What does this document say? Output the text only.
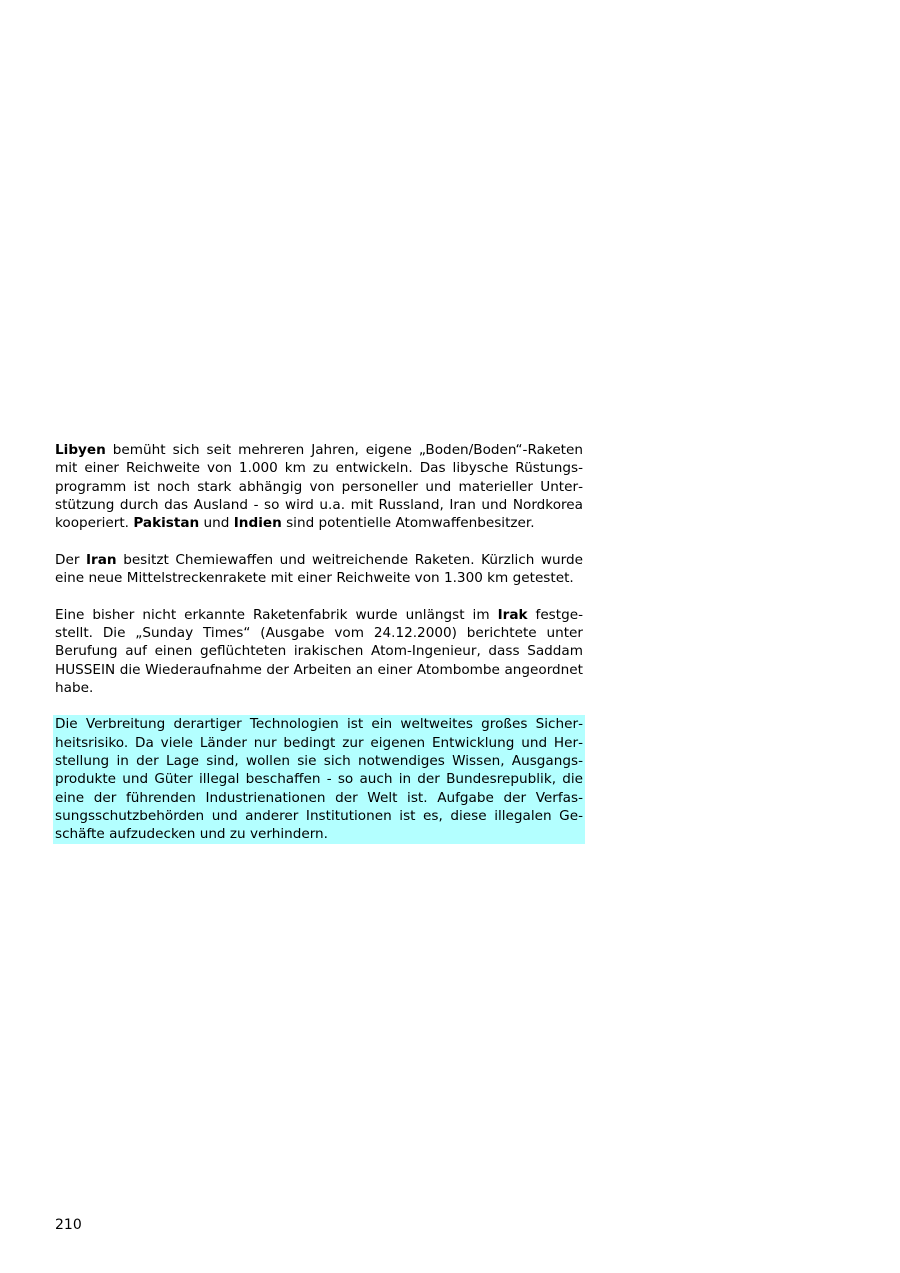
Libyen bemüht sich seit mehreren Jahren, eigene „Boden/Boden“-Raketen mit einer Reichweite von 1.000 km zu entwickeln. Das libysche Rüstungsprogramm ist noch stark abhängig von personeller und materieller Unterstützung durch das Ausland - so wird u.a. mit Russland, Iran und Nordkorea kooperiert. Pakistan und Indien sind potentielle Atomwaffenbesitzer.

Der Iran besitzt Chemiewaffen und weitreichende Raketen. Kürzlich wurde eine neue Mittelstreckenrakete mit einer Reichweite von 1.300 km getestet.

Eine bisher nicht erkannte Raketenfabrik wurde unlängst im Irak festgestellt. Die „Sunday Times“ (Ausgabe vom 24.12.2000) berichtete unter Berufung auf einen geflüchteten irakischen Atom-Ingenieur, dass Saddam HUSSEIN die Wiederaufnahme der Arbeiten an einer Atombombe angeordnet habe.

Die Verbreitung derartiger Technologien ist ein weltweites großes Sicherheitsrisiko. Da viele Länder nur bedingt zur eigenen Entwicklung und Herstellung in der Lage sind, wollen sie sich notwendiges Wissen, Ausgangsprodukte und Güter illegal beschaffen - so auch in der Bundesrepublik, die eine der führenden Industrienationen der Welt ist. Aufgabe der Verfassungsschutzbehörden und anderer Institutionen ist es, diese illegalen Geschäfte aufzudecken und zu verhindern.

210
